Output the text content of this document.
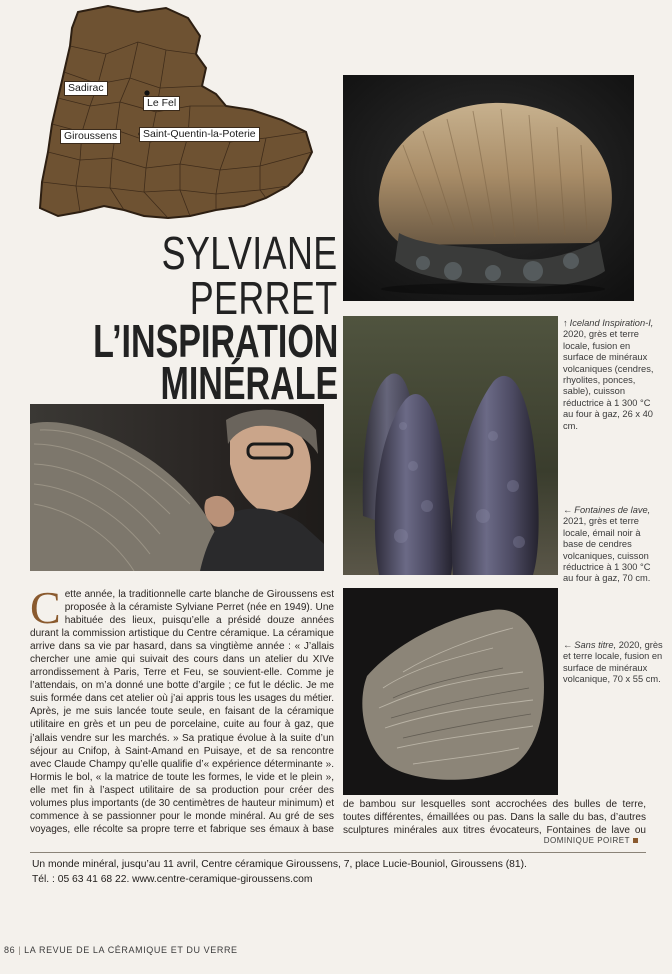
Sadirac
Le Fel
Giroussens	Saint-Quentin-la-Poterie
SYLVIANE
PERRET
L’INSPIRATION
MINÉRALE
↑ Iceland Inspiration-I, 2020, grès et terre locale, fusion en surface de minéraux volcaniques (cendres, rhyolites, ponces, sable), cuisson réductrice à 1 300 °C au four à gaz, 26 x 40 cm.
← Fontaines de lave, 2021, grès et terre locale, émail noir à base de cendres volcaniques, cuisson réductrice à 1 300 °C au four à gaz, 70 cm.
← Sans titre, 2020, grès et terre locale, fusion en surface de minéraux volcanique, 70 x 55 cm.
Cette année, la traditionnelle carte blanche de Giroussens est proposée à la céramiste Sylviane Perret (née en 1949). Une habituée des lieux, puisqu’elle a présidé douze années durant la commission artistique du Centre céramique. La céramique arrive dans sa vie par hasard, dans sa vingtième année : « J’allais chercher une amie qui suivait des cours dans un atelier du XIVe arrondissement à Paris, Terre et Feu, se souvient-elle. Comme je l’attendais, on m’a donné une botte d’argile ; ce fut le déclic. Je me suis formée dans cet atelier où j’ai appris tous les usages du métier. Après, je me suis lancée toute seule, en faisant de la céramique utilitaire en grès et un peu de porcelaine, cuite au four à gaz, que j’allais vendre sur les marchés. » Sa pratique évolue à la suite d’un séjour au Cnifop, à Saint-Amand en Puisaye, et de sa rencontre avec Claude Champy qu’elle qualifie d’« expérience déterminante ». Hormis le bol, « la matrice de toute les formes, le vide et le plein », elle met fin à l’aspect utilitaire de sa production pour créer des volumes plus importants (de 30 centimètres de hauteur minimum) et commence à se passionner pour le monde minéral. Au gré de ses voyages, elle récolte sa propre terre et fabrique ses émaux à base
de bambou sur lesquelles sont accrochées des bulles de terre, toutes différentes, émaillées ou pas. Dans la salle du bas, d’autres sculptures minérales aux titres évocateurs, Fontaines de lave ou
DOMINIQUE POIRET
Un monde minéral, jusqu’au 11 avril, Centre céramique Giroussens, 7, place Lucie-Bouniol, Giroussens (81).
Tél. : 05 63 41 68 22. www.centre-ceramique-giroussens.com
86 | LA REVUE DE LA CÉRAMIQUE ET DU VERRE
